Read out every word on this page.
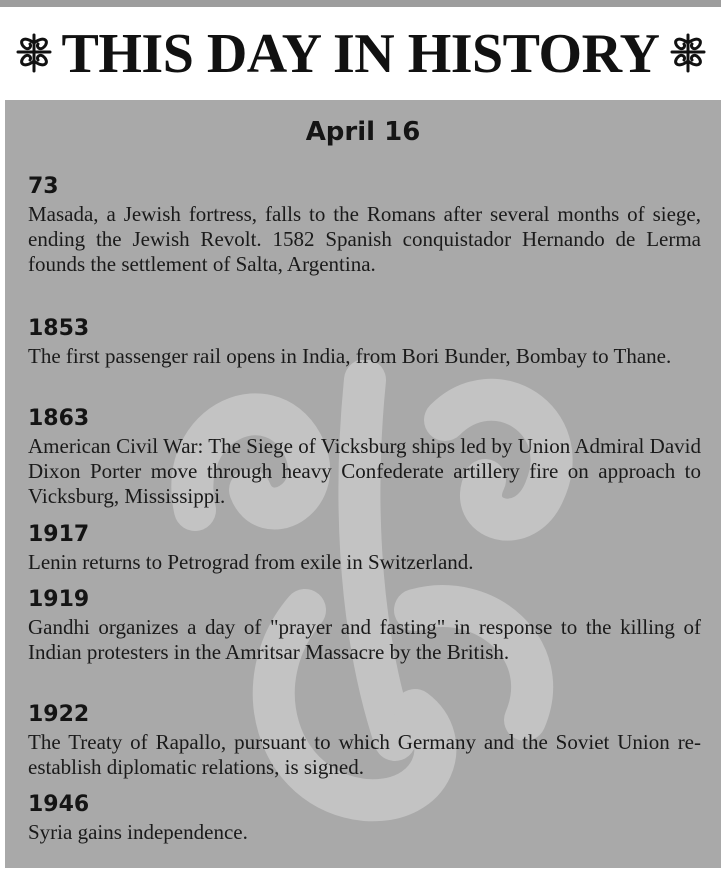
THIS DAY IN HISTORY
April 16

73

Masada, a Jewish fortress, falls to the Romans after several months of siege, ending the Jewish Revolt. 1582 Spanish conquistador Hernando de Lerma founds the settlement of Salta, Argentina.

1853

The first passenger rail opens in India, from Bori Bunder, Bombay to Thane.

1863

American Civil War: The Siege of Vicksburg ships led by Union Admiral David Dixon Porter move through heavy Confederate artillery fire on approach to Vicksburg, Mississippi.

1917

Lenin returns to Petrograd from exile in Switzerland.

1919

Gandhi organizes a day of "prayer and fasting" in response to the killing of Indian protesters in the Amritsar Massacre by the British.

1922

The Treaty of Rapallo, pursuant to which Germany and the Soviet Union re-establish diplomatic relations, is signed.

1946

Syria gains independence.
